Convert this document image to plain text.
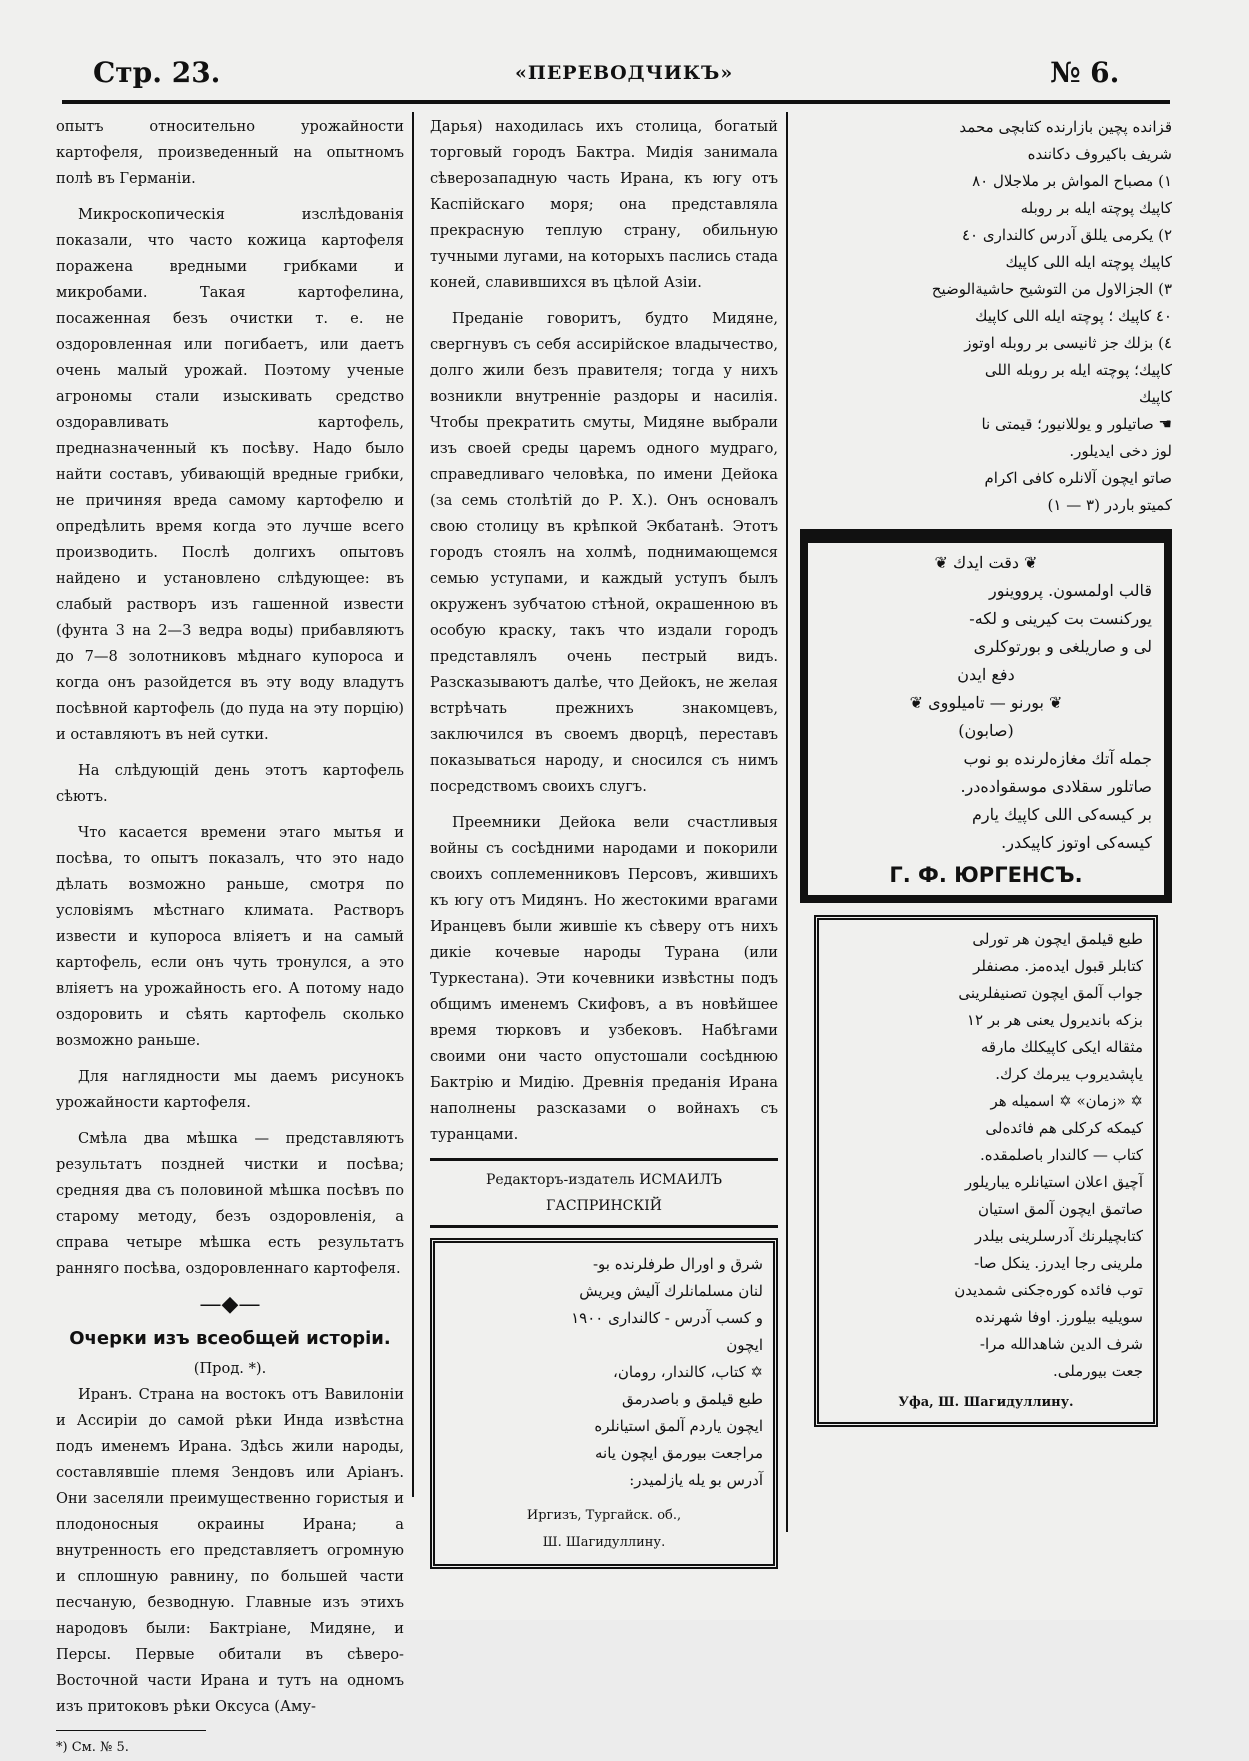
Стр. 23.	«ПЕРЕВОДЧИКЪ»	№ 6.

опытъ относительно урожайности картофеля, произведенный на опытномъ полѣ въ Германiи.

Микроскопическiя изслѣдованiя показали, что часто кожица картофеля поражена вредными грибками и микробами. Такая картофелина, посаженная безъ очистки т. е. не оздоровленная или погибаетъ, или даетъ очень малый урожай. Поэтому ученые агрономы стали изыскивать средство оздоравливать картофель, предназначенный къ посѣву. Надо было найти составъ, убивающiй вредные грибки, не причиняя вреда самому картофелю и опредѣлить время когда это лучше всего производить. Послѣ долгихъ опытовъ найдено и установлено слѣдующее: въ слабый растворъ изъ гашенной извести (фунта 3 на 2—3 ведра воды) прибавляютъ до 7—8 золотниковъ мѣднаго купороса и когда онъ разойдется въ эту воду владутъ посѣвной картофель (до пуда на эту порцiю) и оставляютъ въ ней сутки.

На слѣдующiй день этотъ картофель сѣютъ.

Что касается времени этаго мытья и посѣва, то опытъ показалъ, что это надо дѣлать возможно раньше, смотря по условiямъ мѣстнаго климата. Растворъ извести и купороса влiяетъ и на самый картофель, если онъ чуть тронулся, а это влiяетъ на урожайность его. А потому надо оздоровить и сѣять картофель сколько возможно раньше.

Для наглядности мы даемъ рисунокъ урожайности картофеля.

Смѣла два мѣшка — представляютъ результатъ поздней чистки и посѣва; средняя два съ половиной мѣшка посѣвъ по старому методу, безъ оздоровленiя, а справа четыре мѣшка есть результатъ ранняго посѣва, оздоровленнаго картофеля.

—◆—
Очерки изъ всеобщей исторiи.
(Прод. *).

Иранъ. Страна на востокъ отъ Вавилонiи и Ассирiи до самой рѣки Инда извѣстна подъ именемъ Ирана. Здѣсь жили народы, составлявшiе племя Зендовъ или Арiанъ. Они заселяли преимущественно гористыя и плодоносныя окраины Ирана; а внутренность его представляетъ огромную и сплошную равнину, по большей части песчаную, безводную. Главные изъ этихъ народовъ были: Бактрiане, Мидяне, и Персы. Первые обитали въ сѣверо-Восточной части Ирана и тутъ на одномъ изъ притоковъ рѣки Оксуса (Аму-

*) См. № 5.

Дарья) находилась ихъ столица, богатый торговый городъ Бактра. Мидiя занимала сѣверозападную часть Ирана, къ югу отъ Каспiйскаго моря; она представляла прекрасную теплую страну, обильную тучными лугами, на которыхъ паслись стада коней, славившихся въ цѣлой Азiи.

Преданiе говоритъ, будто Мидяне, свергнувъ съ себя ассирiйское владычество, долго жили безъ правителя; тогда у нихъ возникли внутреннiе раздоры и насилiя. Чтобы прекратить смуты, Мидяне выбрали изъ своей среды царемъ одного мудраго, справедливаго человѣка, по имени Дейока (за семь столѣтiй до Р. Х.). Онъ основалъ свою столицу въ крѣпкой Экбатанѣ. Этотъ городъ стоялъ на холмѣ, поднимающемся семью уступами, и каждый уступъ былъ окруженъ зубчатою стѣной, окрашенною въ особую краску, такъ что издали городъ представлялъ очень пестрый видъ. Разсказываютъ далѣе, что Дейокъ, не желая встрѣчать прежнихъ знакомцевъ, заключился въ своемъ дворцѣ, переставъ показываться народу, и сносился съ нимъ посредствомъ своихъ слугъ.

Преемники Дейока вели счастливыя войны съ сосѣдними народами и покорили своихъ соплеменниковъ Персовъ, жившихъ къ югу отъ Мидянъ. Но жестокими врагами Иранцевъ были жившiе къ сѣверу отъ нихъ дикiе кочевые народы Турана (или Туркестана). Эти кочевники извѣстны подъ общимъ именемъ Скифовъ, а въ новѣйшее время тюрковъ и узбековъ. Набѣгами своими они часто опустошали сосѣднюю Бактрiю и Мидiю. Древнiя преданiя Ирана наполнены разсказами о войнахъ съ туранцами.

Редакторъ-издатель ИСМАИЛЪ ГАСПРИНСКIЙ
شرق و اورال طرفلرنده بو-
لنان مسلمانلرك آليش ويريش
و كسب آدرس - كالندارى ١٩٠٠
ايچون
✡ كتاب، كالندار، رومان،
طبع قيلمق و باصدرمق
ايچون ياردم آلمق استيانلره
مراجعت بيورمق ايچون يانه
آدرس بو يله يازلميدر:
Иргизъ, Тургайск. об.,
Ш. Шагидуллину.
قزانده پچين بازارنده كتابچى محمد
شريف باكيروف دكاننده
١) مصباح المواش بر ملاجلال ٨٠
كاپيك پوچته ايله بر روبله
٢) يكرمى يللق آدرس كالندارى ٤٠
كاپيك پوچته ايله اللى كاپيك
٣) الجزالاول من التوشيح حاشيةالوضيح
٤٠ كاپيك ؛ پوچته ايله اللى كاپيك
٤) بزلك جز ثانيسى بر روبله اوتوز
كاپيك؛ پوچته ايله بر روبله اللى
كاپيك
☚ صاتيلور و يوللانيور؛ قيمتى نا
لوز دخى ايديلور.
صاتو ايچون آلانلره كافى اكرام
كميتو باردر (٣ — ١)
❦ دقت ايدك ❦
قالب اولمسون. پرووينور
يوركنست بت كيرينى و لكه-
لى و صاريلغى و بورتوكلرى
دفع ايدن
❦ بورنو — تاميلووى ❦
(صابون)
جمله آتك مغازەلرنده بو نوب
صاتلور سقلادى موسقوادەدر.
بر كيسەكى اللى كاپيك يارم
كيسەكى اوتوز كاپيكدر.
Г. Ф. ЮРГЕНСЪ.
طبع قيلمق ايچون هر تورلى
كتابلر قبول ايدەمز. مصنفلر
جواب آلمق ايچون تصنيفلرينى
بزكه باندیرول يعنى هر بر ١٢
مثقاله ايكى كاپيكلك مارقه
ياپشديروب يبرمك كرك.
✡ «زمان» ✡ اسميله هر
كيمكه كركلى هم فائدەلى
كتاب — كالندار باصلمقده.
آچيق اعلان استيانلره يباريلور
صاتمق ايچون آلمق استيان
كتابچيلرنك آدرسلرينى بيلدر
ملرينى رجا ايدرز. ينكل صا-
توب فائده كورەجكنى شمديدن
سويليه بيلورز. اوفا شهرنده
شرف الدين شاهدالله مرا-
جعت بيورملى.
Уфа, Ш. Шагидуллину.
